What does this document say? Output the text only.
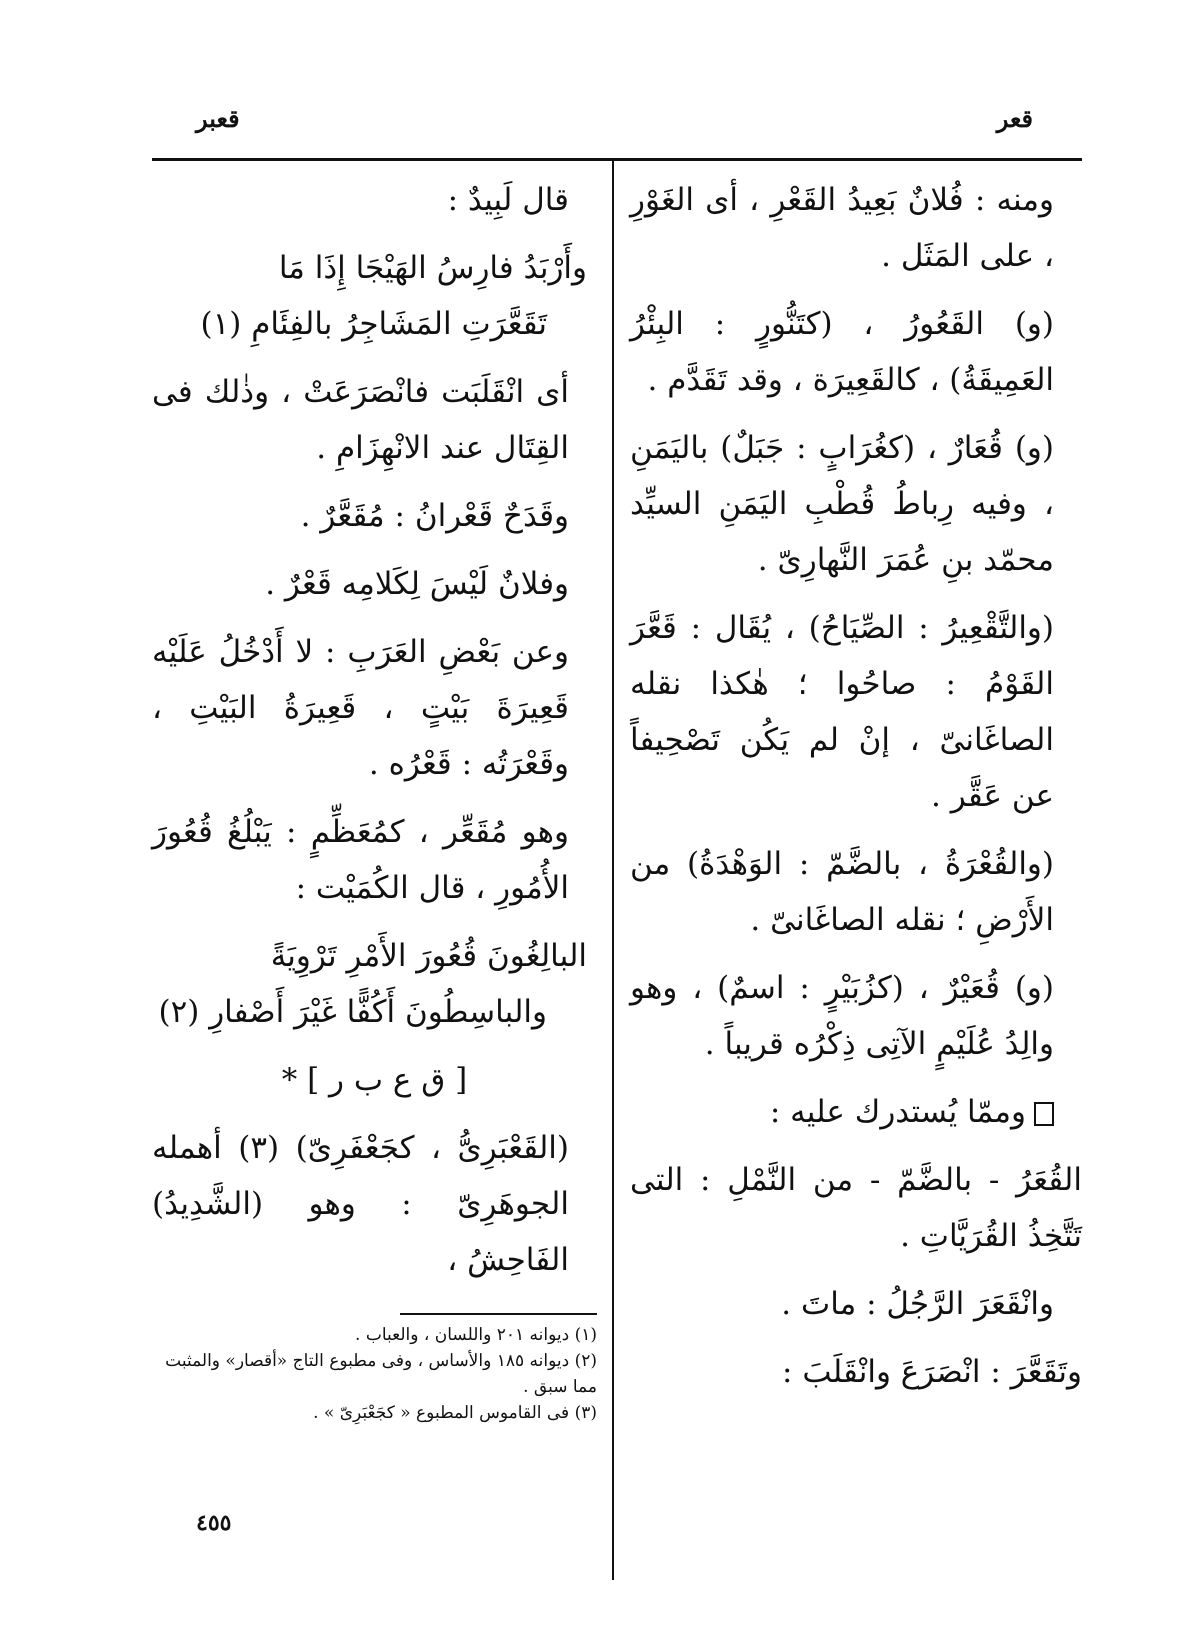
قعر
قعبر

ومنه : فُلانٌ بَعِيدُ القَعْرِ ، أى الغَوْرِ ، على المَثَل .

(و) القَعُورُ ، (كتَنُّورٍ : البِئْرُ العَمِيقَةُ) ، كالقَعِيرَة ، وقد تَقَدَّم .

(و) قُعَارٌ ، (كغُرَابٍ : جَبَلٌ) باليَمَنِ ، وفيه رِباطُ قُطْبِ اليَمَنِ السيِّد محمّد بنِ عُمَرَ النَّهارِىّ .

(والتَّقْعِيرُ : الصِّيَاحُ) ، يُقَال : قَعَّرَ القَوْمُ : صاحُوا ؛ هٰكذا نقله الصاغَانىّ ، إنْ لم يَكُن تَصْحِيفاً عن عَقَّر .

(والقُعْرَةُ ، بالضَّمّ : الوَهْدَةُ) من الأَرْضِ ؛ نقله الصاغَانىّ .

(و) قُعَيْرٌ ، (كزُبَيْرٍ : اسمٌ) ، وهو والِدُ عُلَيْمٍ الآتِى ذِكْرُه قريباً .

وممّا يُستدرك عليه :

القُعَرُ - بالضَّمّ - من النَّمْلِ : التى تَتَّخِذُ القُرَيَّاتِ .

وانْقَعَرَ الرَّجُلُ : ماتَ .

وتَقَعَّرَ : انْصَرَعَ وانْقَلَبَ :

قال لَبِيدٌ :

وأَرْبَدُ فارِسُ الهَيْجَا إِذَا مَا

تَقَعَّرَتِ المَشَاجِرُ بالفِئَامِ (١)

أى انْقَلَبَت فانْصَرَعَتْ ، وذٰلك فى القِتَال عند الانْهِزَامِ .

وقَدَحٌ قَعْرانُ : مُقَعَّرٌ .

وفلانٌ لَيْسَ لِكَلامِه قَعْرٌ .

وعن بَعْضِ العَرَبِ : لا أَدْخُلُ عَلَيْه قَعِيرَةَ بَيْتٍ ، قَعِيرَةُ البَيْتِ ، وقَعْرَتُه : قَعْرُه .

وهو مُقَعِّر ، كمُعَظِّمٍ : يَبْلُغُ قُعُورَ الأُمُورِ ، قال الكُمَيْت :

البالِغُونَ قُعُورَ الأَمْرِ تَرْوِيَةً

والباسِطُونَ أَكُفًّا غَيْرَ أَصْفارِ (٢)

[ ق ع ب ر ] *

(القَعْبَرِىُّ ، كجَعْفَرِىّ) (٣) أهمله الجوهَرِىّ : وهو (الشَّدِيدُ) الفَاحِشُ ،

(١) ديوانه ٢٠١ واللسان ، والعباب .
(٢) ديوانه ١٨٥ والأساس ، وفى مطبوع التاج «أقصار» والمثبت مما سبق .
(٣) فى القاموس المطبوع « كجَعْبَرِىّ » .
٤٥٥
